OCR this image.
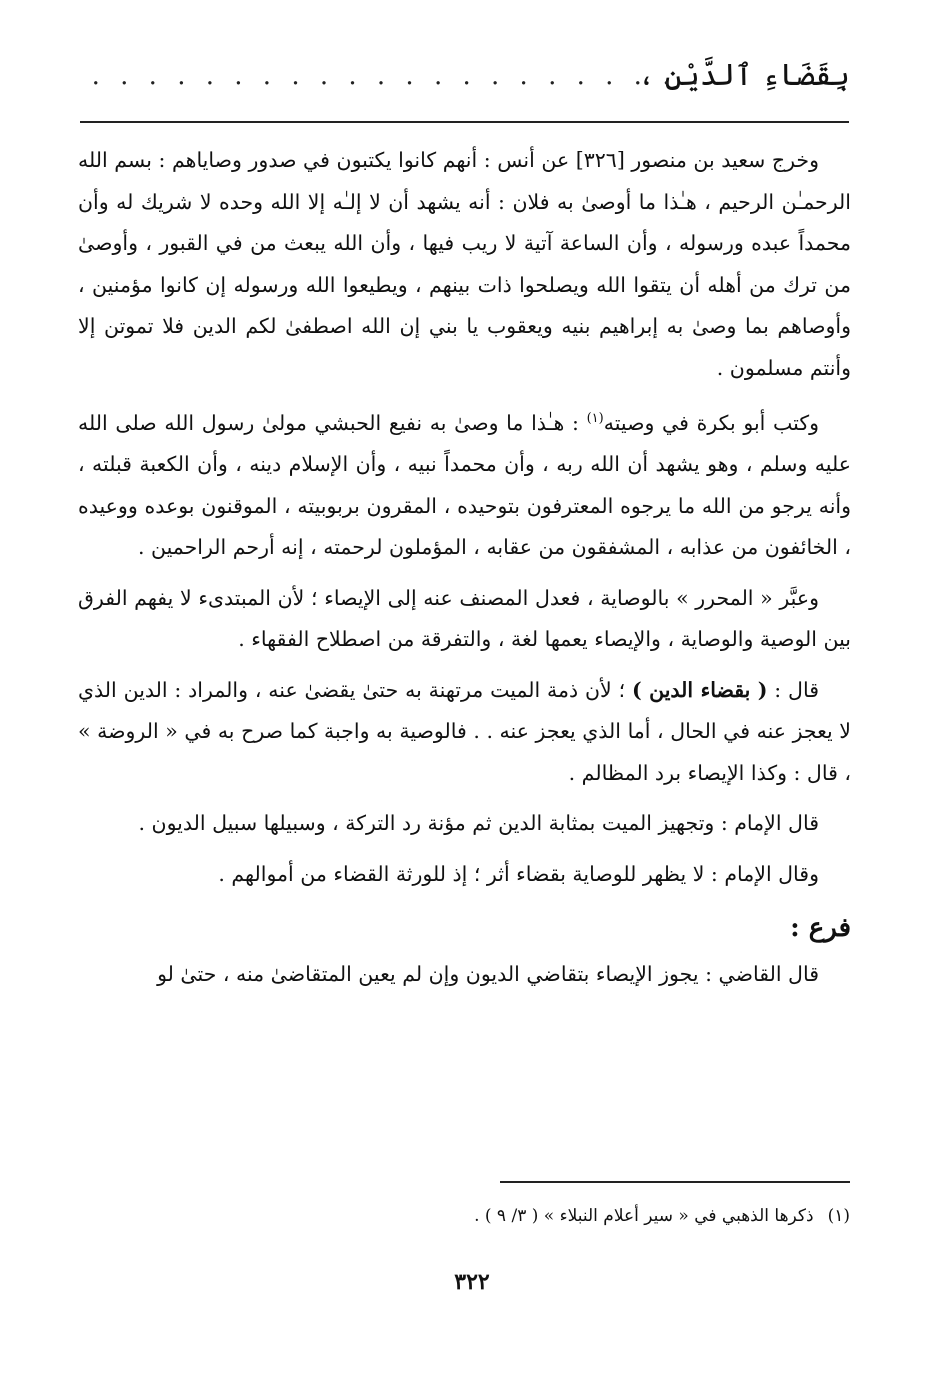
بِقَضَاءِ ٱلدَّيْنِ ،
. . . . . . . . . . . . . . . . . . . . . .

وخرج سعيد بن منصور [٣٢٦] عن أنس : أنهم كانوا يكتبون في صدور وصاياهم : بسم الله الرحمـٰن الرحيم ، هـٰذا ما أوصىٰ به فلان : أنه يشهد أن لا إلـٰه إلا الله وحده لا شريك له وأن محمداً عبده ورسوله ، وأن الساعة آتية لا ريب فيها ، وأن الله يبعث من في القبور ، وأوصىٰ من ترك من أهله أن يتقوا الله ويصلحوا ذات بينهم ، ويطيعوا الله ورسوله إن كانوا مؤمنين ، وأوصاهم بما وصىٰ به إبراهيم بنيه ويعقوب يا بني إن الله اصطفىٰ لكم الدين فلا تموتن إلا وأنتم مسلمون .

وكتب أبو بكرة في وصيته$^{(١)}$ : هـٰذا ما وصىٰ به نفيع الحبشي مولىٰ رسول الله صلى الله عليه وسلم ، وهو يشهد أن الله ربه ، وأن محمداً نبيه ، وأن الإسلام دينه ، وأن الكعبة قبلته ، وأنه يرجو من الله ما يرجوه المعترفون بتوحيده ، المقرون بربوبيته ، الموقنون بوعده ووعيده ، الخائفون من عذابه ، المشفقون من عقابه ، المؤملون لرحمته ، إنه أرحم الراحمين .

وعبَّر « المحرر » بالوصاية ، فعدل المصنف عنه إلى الإيصاء ؛ لأن المبتدىء لا يفهم الفرق بين الوصية والوصاية ، والإيصاء يعمها لغة ، والتفرقة من اصطلاح الفقهاء .

قال : ( بقضاء الدين ) ؛ لأن ذمة الميت مرتهنة به حتىٰ يقضىٰ عنه ، والمراد : الدين الذي لا يعجز عنه في الحال ، أما الذي يعجز عنه . . فالوصية به واجبة كما صرح به في « الروضة » ، قال : وكذا الإيصاء برد المظالم .

قال الإمام : وتجهيز الميت بمثابة الدين ثم مؤنة رد التركة ، وسبيلها سبيل الديون .

وقال الإمام : لا يظهر للوصاية بقضاء أثر ؛ إذ للورثة القضاء من أموالهم .

فرع :

قال القاضي : يجوز الإيصاء بتقاضي الديون وإن لم يعين المتقاضىٰ منه ، حتىٰ لو

(١)ذكرها الذهبي في « سير أعلام النبلاء » ( ٣/ ٩ ) .
٣٢٢
